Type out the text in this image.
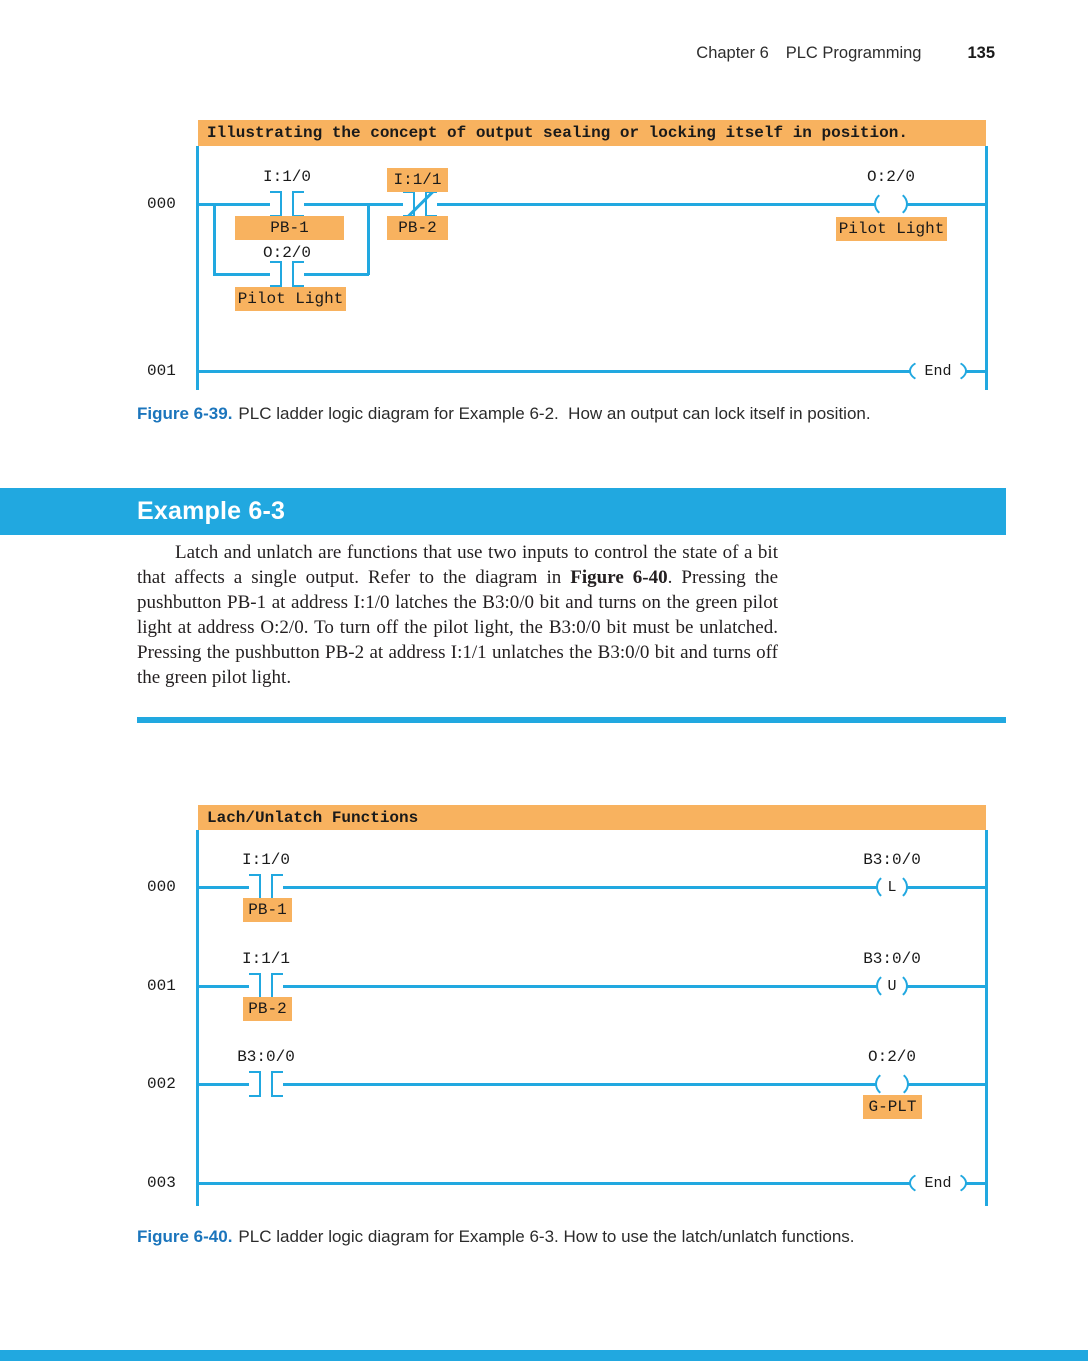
Chapter 6 PLC Programming	135
Illustrating the concept of output sealing or locking itself in position.
000
I:1/0
PB-1
I:1/1
PB-2
O:2/0
Pilot Light
O:2/0
Pilot Light
001	End
Figure 6-39. PLC ladder logic diagram for Example 6-2.  How an output can lock itself in position.
Example 6-3

Latch and unlatch are functions that use two inputs to control the state of a bit that affects a single output. Refer to the diagram in Figure 6-40. Pressing the pushbutton PB-1 at address I:1/0 latches the B3:0/0 bit and turns on the green pilot light at address O:2/0. To turn off the pilot light, the B3:0/0 bit must be unlatched. Pressing the pushbutton PB-2 at address I:1/1 unlatches the B3:0/0 bit and turns off the green pilot light.

Lach/Unlatch Functions
000
I:1/0
PB-1
B3:0/0
L
001
I:1/1
PB-2
B3:0/0
U
002
B3:0/0	O:2/0
G-PLT
003	End
Figure 6-40. PLC ladder logic diagram for Example 6-3. How to use the latch/unlatch functions.
